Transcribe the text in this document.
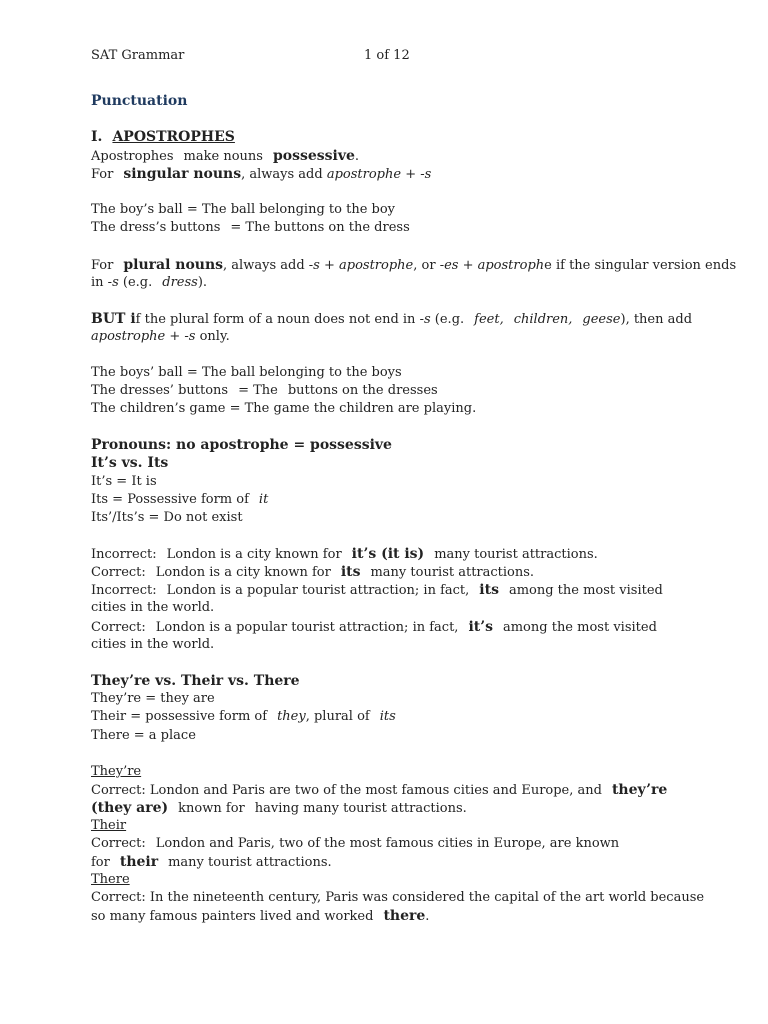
SAT Grammar	1 of 12
Punctuation
I. APOSTROPHES
Apostrophes make nouns possessive.
For singular nouns, always add apostrophe + -s
The boy’s ball = The ball belonging to the boy
The dress’s buttons = The buttons on the dress
For plural nouns, always add -s + apostrophe, or -es + apostrophe if the singular version ends
in -s (e.g. dress).
BUT if the plural form of a noun does not end in -s (e.g. feet, children, geese), then add
apostrophe + -s only.
The boys’ ball = The ball belonging to the boys
The dresses’ buttons = The buttons on the dresses
The children’s game = The game the children are playing.
Pronouns: no apostrophe = possessive
It’s vs. Its
It’s = It is
Its = Possessive form of it
Its’/Its’s = Do not exist
Incorrect: London is a city known for it’s (it is) many tourist attractions.
Correct: London is a city known for its many tourist attractions.
Incorrect: London is a popular tourist attraction; in fact, its among the most visited
cities in the world.
Correct: London is a popular tourist attraction; in fact, it’s among the most visited
cities in the world.
They’re vs. Their vs. There
They’re = they are
Their = possessive form of they, plural of its
There = a place
They’re
Correct: London and Paris are two of the most famous cities and Europe, and they’re
(they are) known for having many tourist attractions.
Their
Correct: London and Paris, two of the most famous cities in Europe, are known
for their many tourist attractions.
There
Correct: In the nineteenth century, Paris was considered the capital of the art world because
so many famous painters lived and worked there.
